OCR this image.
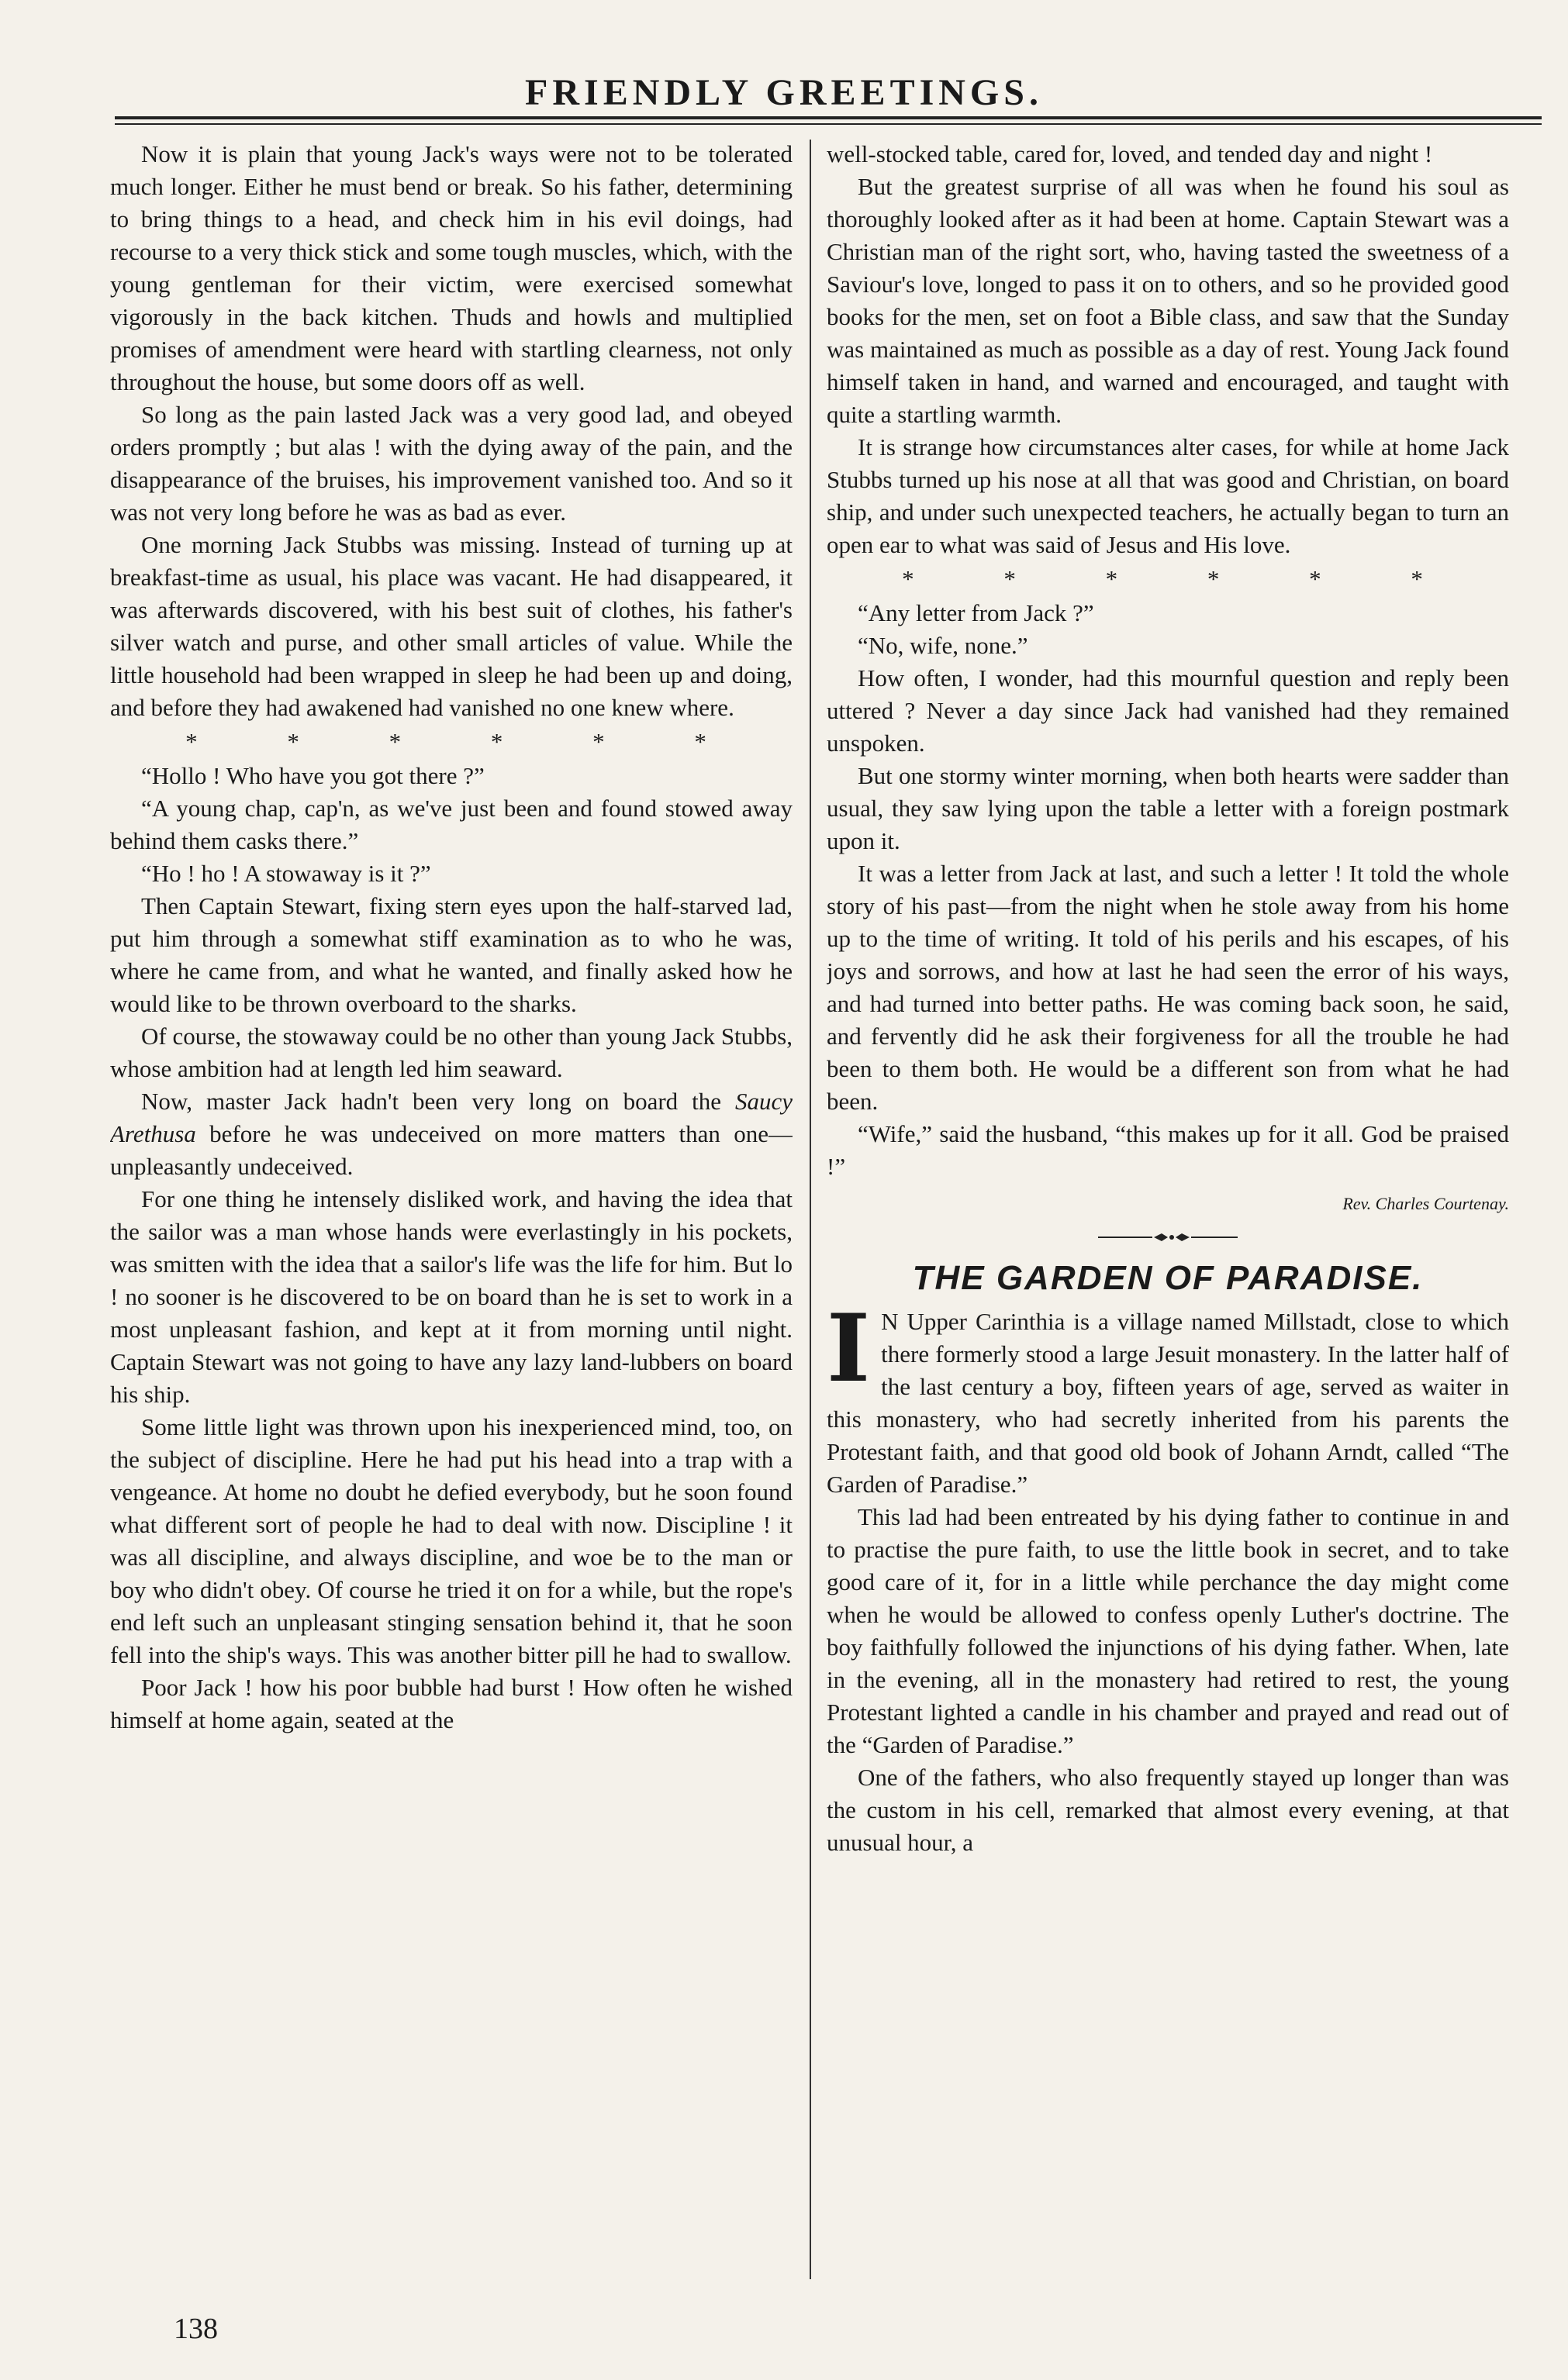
FRIENDLY GREETINGS.

Now it is plain that young Jack's ways were not to be tolerated much longer. Either he must bend or break. So his father, determining to bring things to a head, and check him in his evil doings, had recourse to a very thick stick and some tough muscles, which, with the young gentleman for their victim, were exercised somewhat vigorously in the back kitchen. Thuds and howls and multiplied promises of amendment were heard with startling clearness, not only throughout the house, but some doors off as well.

So long as the pain lasted Jack was a very good lad, and obeyed orders promptly ; but alas ! with the dying away of the pain, and the disappearance of the bruises, his improvement vanished too. And so it was not very long before he was as bad as ever.

One morning Jack Stubbs was missing. Instead of turning up at breakfast-time as usual, his place was vacant. He had disappeared, it was afterwards discovered, with his best suit of clothes, his father's silver watch and purse, and other small articles of value. While the little household had been wrapped in sleep he had been up and doing, and before they had awakened had vanished no one knew where.

* * * * * *

“Hollo ! Who have you got there ?”

“A young chap, cap'n, as we've just been and found stowed away behind them casks there.”

“Ho ! ho ! A stowaway is it ?”

Then Captain Stewart, fixing stern eyes upon the half-starved lad, put him through a somewhat stiff examination as to who he was, where he came from, and what he wanted, and finally asked how he would like to be thrown overboard to the sharks.

Of course, the stowaway could be no other than young Jack Stubbs, whose ambition had at length led him seaward.

Now, master Jack hadn't been very long on board the Saucy Arethusa before he was undeceived on more matters than one—unpleasantly undeceived.

For one thing he intensely disliked work, and having the idea that the sailor was a man whose hands were everlastingly in his pockets, was smitten with the idea that a sailor's life was the life for him. But lo ! no sooner is he discovered to be on board than he is set to work in a most unpleasant fashion, and kept at it from morning until night. Captain Stewart was not going to have any lazy land-lubbers on board his ship.

Some little light was thrown upon his inexperienced mind, too, on the subject of discipline. Here he had put his head into a trap with a vengeance. At home no doubt he defied everybody, but he soon found what different sort of people he had to deal with now. Discipline ! it was all discipline, and always discipline, and woe be to the man or boy who didn't obey. Of course he tried it on for a while, but the rope's end left such an unpleasant stinging sensation behind it, that he soon fell into the ship's ways. This was another bitter pill he had to swallow.

Poor Jack ! how his poor bubble had burst ! How often he wished himself at home again, seated at the

well-stocked table, cared for, loved, and tended day and night !

But the greatest surprise of all was when he found his soul as thoroughly looked after as it had been at home. Captain Stewart was a Christian man of the right sort, who, having tasted the sweetness of a Saviour's love, longed to pass it on to others, and so he provided good books for the men, set on foot a Bible class, and saw that the Sunday was maintained as much as possible as a day of rest. Young Jack found himself taken in hand, and warned and encouraged, and taught with quite a startling warmth.

It is strange how circumstances alter cases, for while at home Jack Stubbs turned up his nose at all that was good and Christian, on board ship, and under such unexpected teachers, he actually began to turn an open ear to what was said of Jesus and His love.

* * * * * *

“Any letter from Jack ?”

“No, wife, none.”

How often, I wonder, had this mournful question and reply been uttered ? Never a day since Jack had vanished had they remained unspoken.

But one stormy winter morning, when both hearts were sadder than usual, they saw lying upon the table a letter with a foreign postmark upon it.

It was a letter from Jack at last, and such a letter ! It told the whole story of his past—from the night when he stole away from his home up to the time of writing. It told of his perils and his escapes, of his joys and sorrows, and how at last he had seen the error of his ways, and had turned into better paths. He was coming back soon, he said, and fervently did he ask their forgiveness for all the trouble he had been to them both. He would be a different son from what he had been.

“Wife,” said the husband, “this makes up for it all. God be praised !”

Rev. Charles Courtenay.
THE GARDEN OF PARADISE.

I N Upper Carinthia is a village named Millstadt, close to which there formerly stood a large Jesuit monastery. In the latter half of the last century a boy, fifteen years of age, served as waiter in this monastery, who had secretly inherited from his parents the Protestant faith, and that good old book of Johann Arndt, called “The Garden of Paradise.”

This lad had been entreated by his dying father to continue in and to practise the pure faith, to use the little book in secret, and to take good care of it, for in a little while perchance the day might come when he would be allowed to confess openly Luther's doctrine. The boy faithfully followed the injunctions of his dying father. When, late in the evening, all in the monastery had retired to rest, the young Protestant lighted a candle in his chamber and prayed and read out of the “Garden of Paradise.”

One of the fathers, who also frequently stayed up longer than was the custom in his cell, remarked that almost every evening, at that unusual hour, a

138
